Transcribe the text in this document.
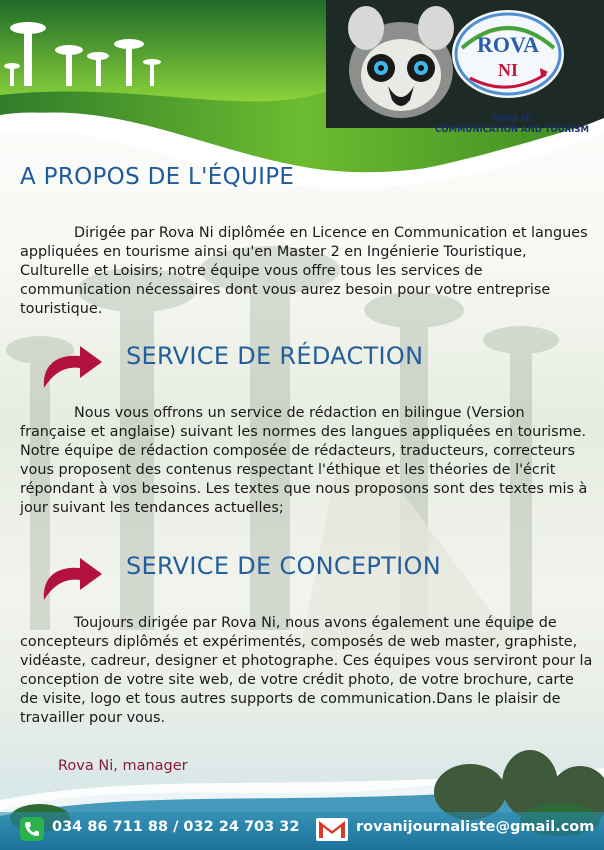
ROVA
NI
ROVA NI
COMMUNICATION AND TOURISM
A PROPOS DE L'ÉQUIPE
Dirigée par Rova Ni diplômée en Licence en Communication et langues appliquées en tourisme ainsi qu'en Master 2 en Ingénierie Touristique, Culturelle et Loisirs; notre équipe vous offre tous les services de communication nécessaires dont vous aurez besoin pour votre entreprise touristique.
SERVICE DE RÉDACTION
Nous vous offrons un service de rédaction en bilingue (Version française et anglaise) suivant les normes des langues appliquées en tourisme. Notre équipe de rédaction composée de rédacteurs, traducteurs, correcteurs vous proposent des contenus respectant l'éthique et les théories de l'écrit répondant à vos besoins. Les textes que nous proposons sont des textes mis à jour suivant les tendances actuelles;
SERVICE DE CONCEPTION
Toujours dirigée par Rova Ni, nous avons également une équipe de concepteurs diplômés et expérimentés, composés de web master, graphiste, vidéaste, cadreur, designer et photographe. Ces équipes vous serviront pour la conception de votre site web, de votre crédit photo, de votre brochure, carte de visite, logo et tous autres supports de communication.Dans le plaisir de travailler pour vous.
Rova Ni, manager
034 86 711 88 / 032 24 703 32	rovanijournaliste@gmail.com
